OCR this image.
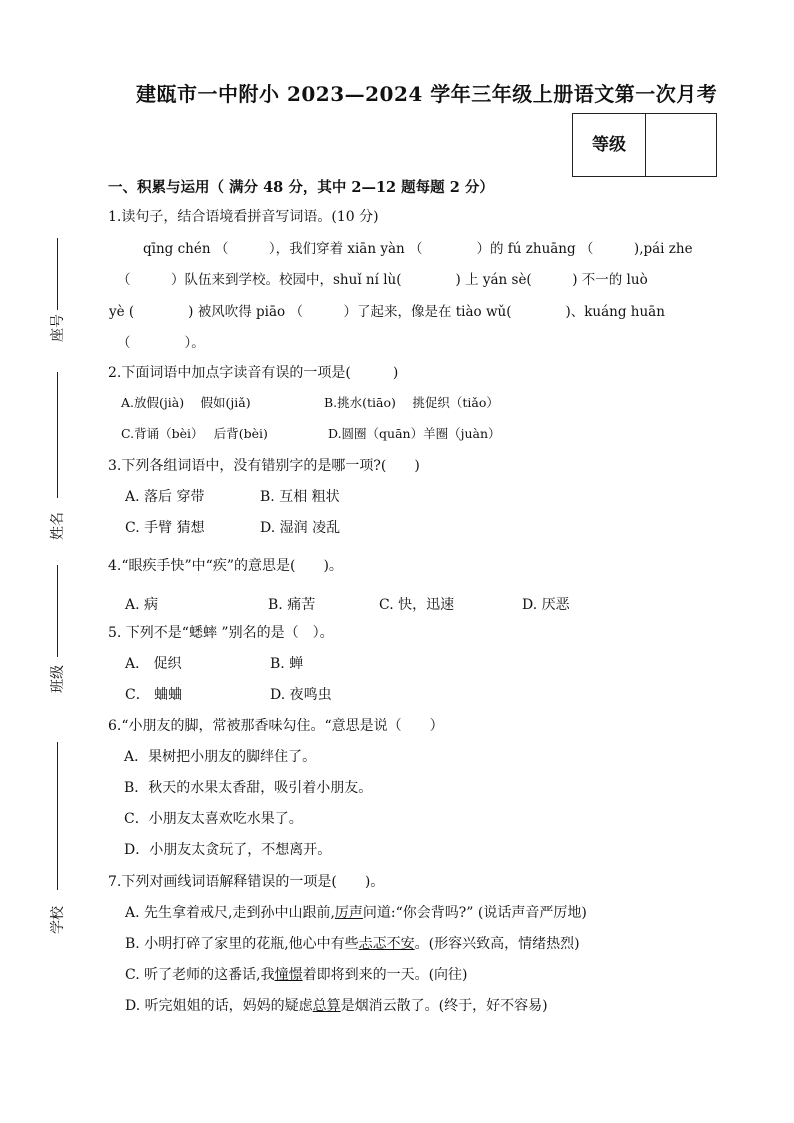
建瓯市一中附小 2023—2024 学年三年级上册语文第一次月考
等级
座号
姓名
班级
学校
一、积累与运用（ 满分 48 分，其中 2—12 题每题 2 分）
1.读句子，结合语境看拼音写词语。(10 分)
qīng chén （　　　），我们穿着 xiān yàn （　　　　）的 fú zhuāng （　　　),pái zhe
（　　　）队伍来到学校。校园中，shuǐ ní lù(　　　　) 上 yán sè(　　　) 不一的 luò
yè (　　　　) 被风吹得 piāo （　　　）了起来，像是在 tiào wǔ(　　　　)、kuáng huān
（　　　　）。
2.下面词语中加点字读音有误的一项是(　　　)
A.放假(jià)　 假如(jiǎ)	B.挑水(tiāo)　 挑促织（tiǎo）
C.背诵（bèi）　 后背(bèi)	D.圆圈（quān）羊圈（juàn）
3.下列各组词语中，没有错别字的是哪一项?(　　)
A. 落后 穿带	B. 互相 粗状
C. 手臂 猜想	D. 湿润 凌乱
4.“眼疾手快”中“疾”的意思是(　　)。
A. 病	B. 痛苦	C. 快，迅速	D. 厌恶
5. 下列不是“蟋蟀 ”别名的是（　）。
A． 促织	B. 蝉
C． 蛐蛐	D. 夜鸣虫
6.“小朋友的脚，常被那香味勾住。“意思是说（　　）
A．果树把小朋友的脚绊住了。
B．秋天的水果太香甜，吸引着小朋友。
C．小朋友太喜欢吃水果了。
D．小朋友太贪玩了，不想离开。
7.下列对画线词语解释错误的一项是(　　)。
A. 先生拿着戒尺,走到孙中山跟前,厉声问道:“你会背吗?” (说话声音严厉地)
B. 小明打碎了家里的花瓶,他心中有些忐忑不安。(形容兴致高，情绪热烈)
C. 听了老师的这番话,我憧憬着即将到来的一天。(向往)
D. 听完姐姐的话，妈妈的疑虑总算是烟消云散了。(终于，好不容易)
